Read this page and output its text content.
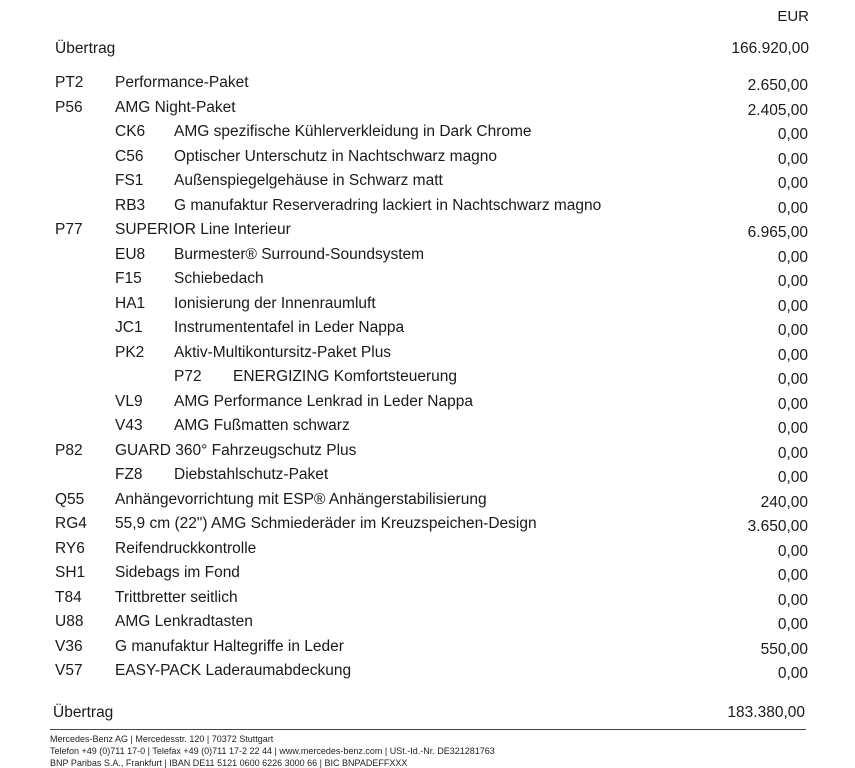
EUR
Übertrag	166.920,00
PT2 Performance-Paket	2.650,00
P56 AMG Night-Paket	2.405,00
CK6 AMG spezifische Kühlerverkleidung in Dark Chrome	0,00
C56 Optischer Unterschutz in Nachtschwarz magno	0,00
FS1 Außenspiegelgehäuse in Schwarz matt	0,00
RB3 G manufaktur Reserveradring lackiert in Nachtschwarz magno	0,00
P77 SUPERIOR Line Interieur	6.965,00
EU8 Burmester® Surround-Soundsystem	0,00
F15 Schiebedach	0,00
HA1 Ionisierung der Innenraumluft	0,00
JC1 Instrumententafel in Leder Nappa	0,00
PK2 Aktiv-Multikontursitz-Paket Plus	0,00
P72 ENERGIZING Komfortsteuerung	0,00
VL9 AMG Performance Lenkrad in Leder Nappa	0,00
V43 AMG Fußmatten schwarz	0,00
P82 GUARD 360° Fahrzeugschutz Plus	0,00
FZ8 Diebstahlschutz-Paket	0,00
Q55 Anhängevorrichtung mit ESP® Anhängerstabilisierung	240,00
RG4 55,9 cm (22") AMG Schmiederäder im Kreuzspeichen-Design	3.650,00
RY6 Reifendruckkontrolle	0,00
SH1 Sidebags im Fond	0,00
T84 Trittbretter seitlich	0,00
U88 AMG Lenkradtasten	0,00
V36 G manufaktur Haltegriffe in Leder	550,00
V57 EASY-PACK Laderaumabdeckung	0,00
Übertrag	183.380,00
Mercedes-Benz AG | Mercedesstr. 120 | 70372 Stuttgart
Telefon +49 (0)711 17-0 | Telefax +49 (0)711 17-2 22 44 | www.mercedes-benz.com | USt.-Id.-Nr. DE321281763
BNP Paribas S.A., Frankfurt | IBAN DE11 5121 0600 6226 3000 66 | BIC BNPADEFFXXX
